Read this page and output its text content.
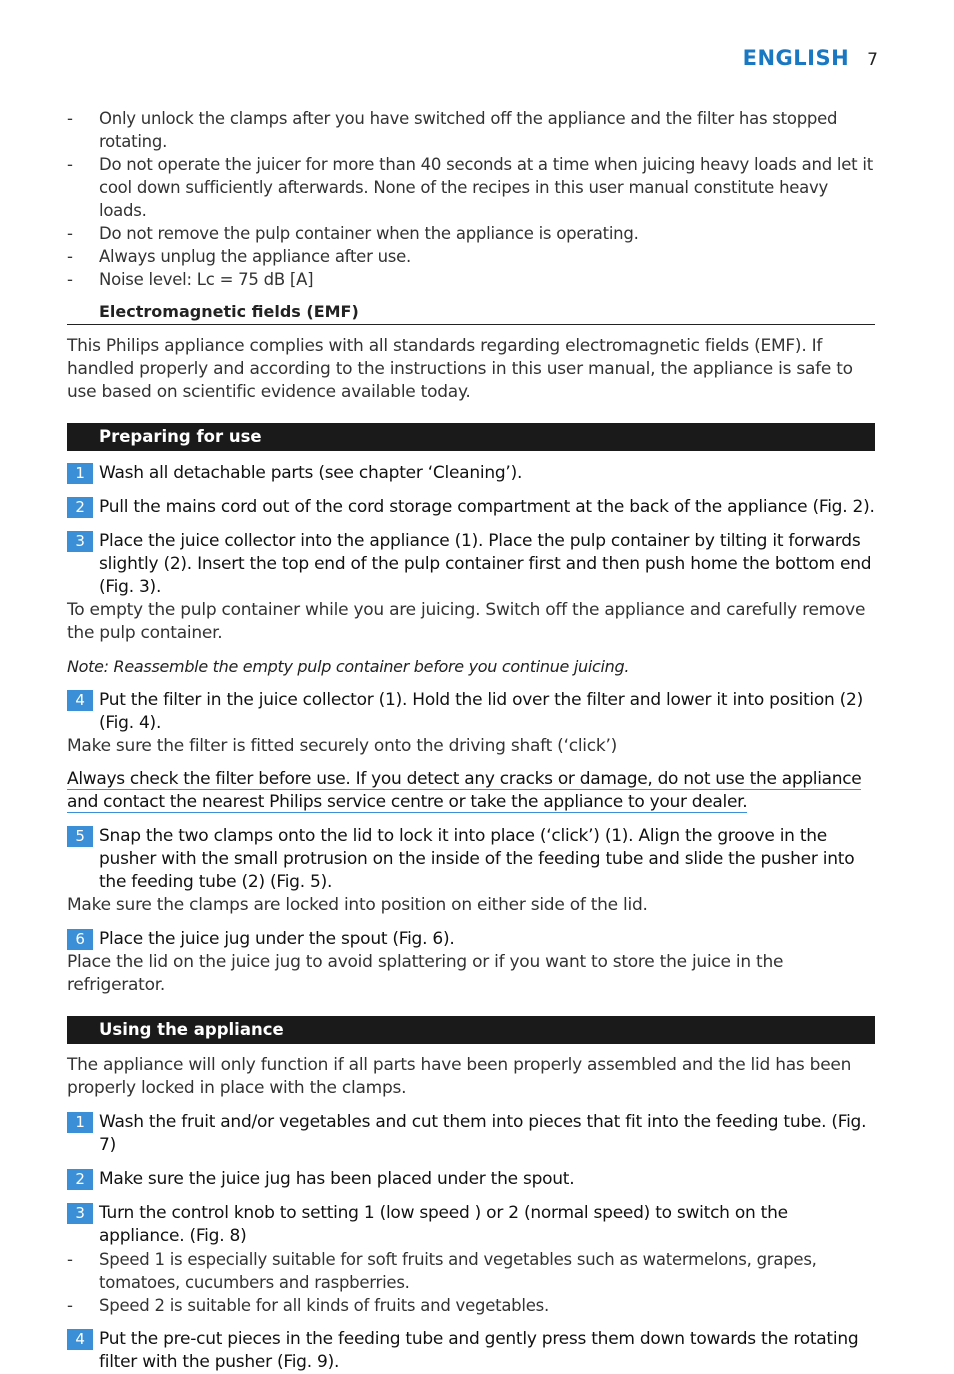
ENGLISH 7
- Only unlock the clamps after you have switched off the appliance and the filter has stopped rotating.
- Do not operate the juicer for more than 40 seconds at a time when juicing heavy loads and let it cool down sufficiently afterwards. None of the recipes in this user manual constitute heavy loads.
- Do not remove the pulp container when the appliance is operating.
- Always unplug the appliance after use.
- Noise level: Lc = 75 dB [A]
Electromagnetic fields (EMF)
This Philips appliance complies with all standards regarding electromagnetic fields (EMF). If handled properly and according to the instructions in this user manual, the appliance is safe to use based on scientific evidence available today.
Preparing for use
1 Wash all detachable parts (see chapter ‘Cleaning’).
2 Pull the mains cord out of the cord storage compartment at the back of the appliance (Fig. 2).
3 Place the juice collector into the appliance (1). Place the pulp container by tilting it forwards slightly (2). Insert the top end of the pulp container first and then push home the bottom end (Fig. 3).
To empty the pulp container while you are juicing. Switch off the appliance and carefully remove the pulp container.
Note: Reassemble the empty pulp container before you continue juicing.
4 Put the filter in the juice collector (1). Hold the lid over the filter and lower it into position (2) (Fig. 4).
Make sure the filter is fitted securely onto the driving shaft (‘click’)
Always check the filter before use. If you detect any cracks or damage, do not use the appliance
and contact the nearest Philips service centre or take the appliance to your dealer.
5 Snap the two clamps onto the lid to lock it into place (‘click’) (1). Align the groove in the pusher with the small protrusion on the inside of the feeding tube and slide the pusher into the feeding tube (2) (Fig. 5).
Make sure the clamps are locked into position on either side of the lid.
6 Place the juice jug under the spout (Fig. 6).
Place the lid on the juice jug to avoid splattering or if you want to store the juice in the refrigerator.
Using the appliance
The appliance will only function if all parts have been properly assembled and the lid has been properly locked in place with the clamps.
1 Wash the fruit and/or vegetables and cut them into pieces that fit into the feeding tube. (Fig. 7)
2 Make sure the juice jug has been placed under the spout.
3 Turn the control knob to setting 1 (low speed ) or 2 (normal speed) to switch on the appliance. (Fig. 8)
- Speed 1 is especially suitable for soft fruits and vegetables such as watermelons, grapes, tomatoes, cucumbers and raspberries.
- Speed 2 is suitable for all kinds of fruits and vegetables.
4 Put the pre-cut pieces in the feeding tube and gently press them down towards the rotating filter with the pusher (Fig. 9).
